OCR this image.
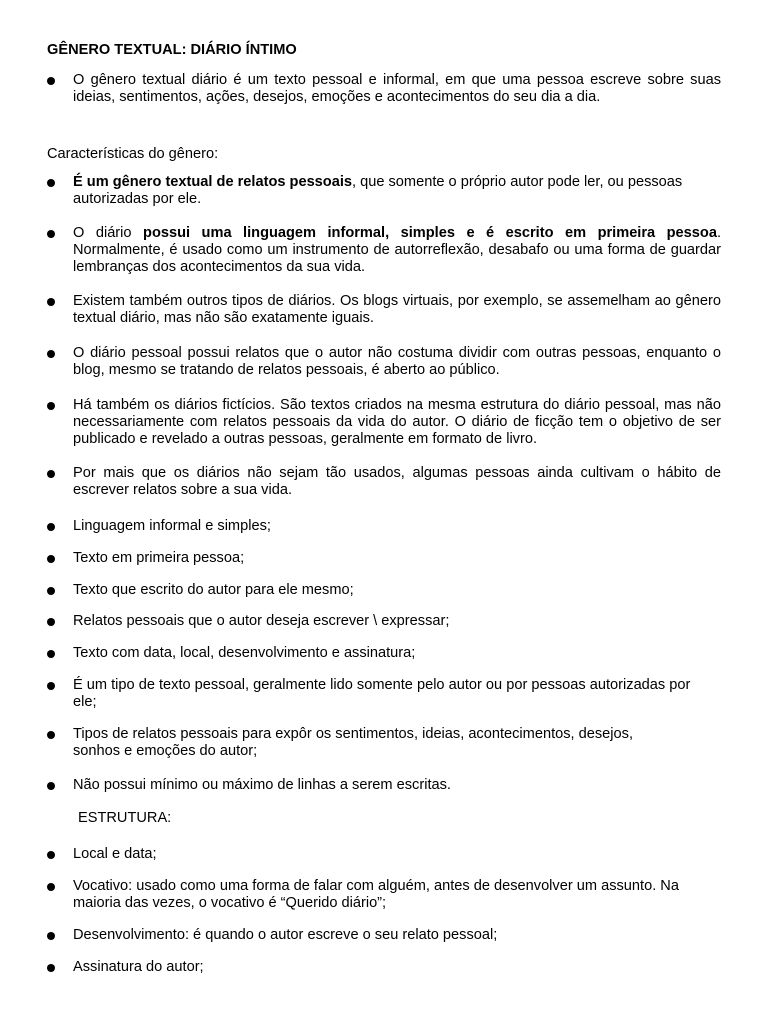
GÊNERO TEXTUAL: DIÁRIO ÍNTIMO
O gênero textual diário é um texto pessoal e informal, em que uma pessoa escreve sobre suas ideias, sentimentos, ações, desejos, emoções e acontecimentos do seu dia a dia.
Características do gênero:
É um gênero textual de relatos pessoais, que somente o próprio autor pode ler, ou pessoas autorizadas por ele.
O diário possui uma linguagem informal, simples e é escrito em primeira pessoa. Normalmente, é usado como um instrumento de autorreflexão, desabafo ou uma forma de guardar lembranças dos acontecimentos da sua vida.
Existem também outros tipos de diários. Os blogs virtuais, por exemplo, se assemelham ao gênero textual diário, mas não são exatamente iguais.
O diário pessoal possui relatos que o autor não costuma dividir com outras pessoas, enquanto o blog, mesmo se tratando de relatos pessoais, é aberto ao público.
Há também os diários fictícios. São textos criados na mesma estrutura do diário pessoal, mas não necessariamente com relatos pessoais da vida do autor. O diário de ficção tem o objetivo de ser publicado e revelado a outras pessoas, geralmente em formato de livro.
Por mais que os diários não sejam tão usados, algumas pessoas ainda cultivam o hábito de escrever relatos sobre a sua vida.
Linguagem informal e simples;
Texto em primeira pessoa;
Texto que escrito do autor para ele mesmo;
Relatos pessoais que o autor deseja escrever \ expressar;
Texto com data, local, desenvolvimento e assinatura;
É um tipo de texto pessoal, geralmente lido somente pelo autor ou por pessoas autorizadas por ele;
Tipos de relatos pessoais para expôr os sentimentos, ideias, acontecimentos, desejos, sonhos e emoções do autor;
Não possui mínimo ou máximo de linhas a serem escritas.
ESTRUTURA:
Local e data;
Vocativo: usado como uma forma de falar com alguém, antes de desenvolver um assunto. Na maioria das vezes, o vocativo é “Querido diário”;
Desenvolvimento: é quando o autor escreve o seu relato pessoal;
Assinatura do autor;
